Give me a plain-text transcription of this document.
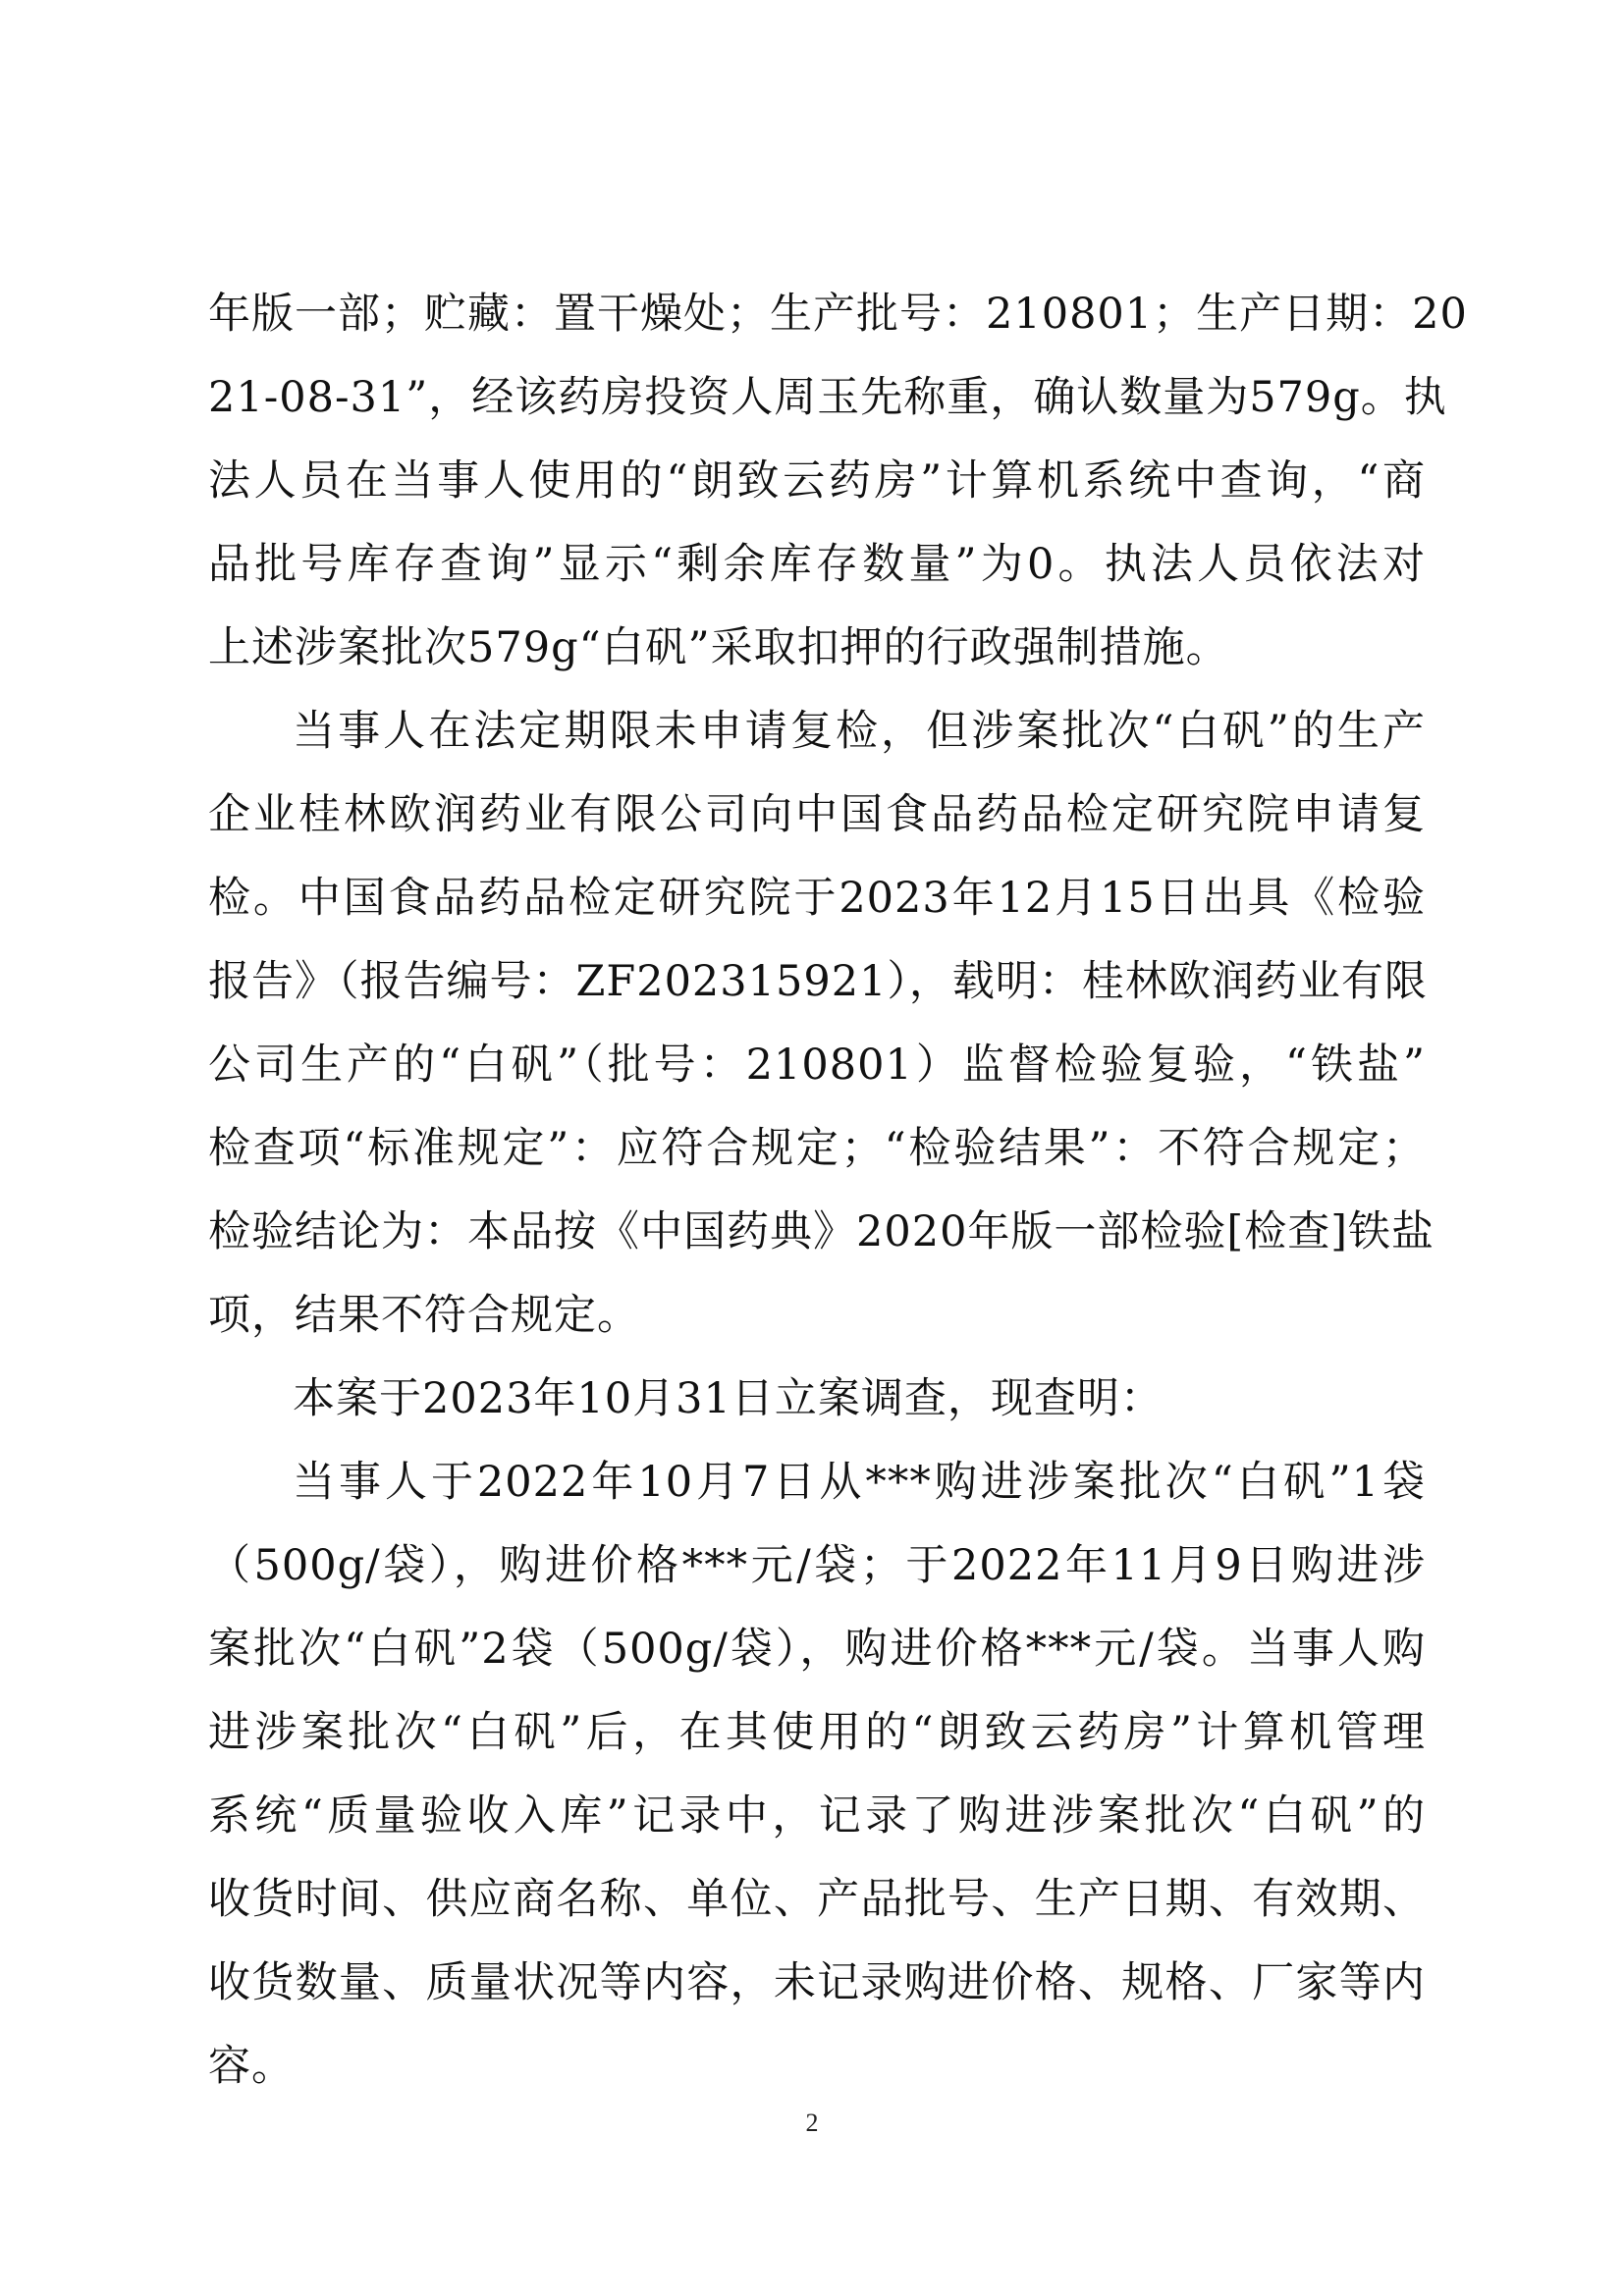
年版一部；贮藏：置干燥处；生产批号：210801；生产日期：20
21-08-31”，经该药房投资人周玉先称重，确认数量为579g。执
法人员在当事人使用的“朗致云药房”计算机系统中查询，“商
品批号库存查询”显示“剩余库存数量”为0。执法人员依法对
上述涉案批次579g“白矾”采取扣押的行政强制措施。
当事人在法定期限未申请复检，但涉案批次“白矾”的生产
企业桂林欧润药业有限公司向中国食品药品检定研究院申请复
检。中国食品药品检定研究院于2023年12月15日出具《检验
报告》（报告编号：ZF202315921），载明：桂林欧润药业有限
公司生产的“白矾”（批号：210801）监督检验复验，“铁盐”
检查项“标准规定”：应符合规定；“检验结果”：不符合规定；
检验结论为：本品按《中国药典》2020年版一部检验[检查]铁盐
项，结果不符合规定。
本案于2023年10月31日立案调查，现查明：
当事人于2022年10月7日从***购进涉案批次“白矾”1袋
（500g/袋），购进价格***元/袋；于2022年11月9日购进涉
案批次“白矾”2袋（500g/袋），购进价格***元/袋。当事人购
进涉案批次“白矾”后，在其使用的“朗致云药房”计算机管理
系统“质量验收入库”记录中，记录了购进涉案批次“白矾”的
收货时间、供应商名称、单位、产品批号、生产日期、有效期、
收货数量、质量状况等内容，未记录购进价格、规格、厂家等内
容。
2
